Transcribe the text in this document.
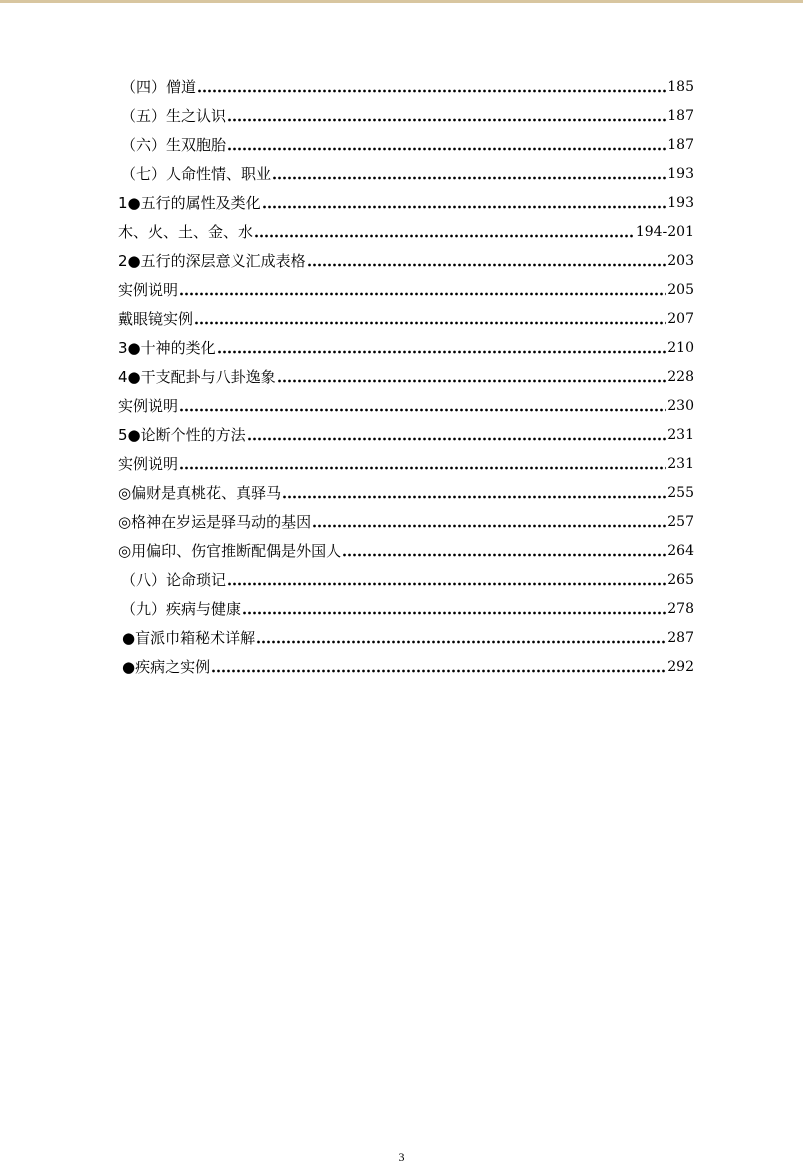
（四）僧道	185
（五）生之认识	187
（六）生双胞胎	187
（七）人命性情、职业	193
1●五行的属性及类化	193
木、火、土、金、水	194-201
2●五行的深层意义汇成表格	203
实例说明	205
戴眼镜实例	207
3●十神的类化	210
4●干支配卦与八卦逸象	228
实例说明	230
5●论断个性的方法	231
实例说明	231
◎偏财是真桃花、真驿马	255
◎格神在岁运是驿马动的基因	257
◎用偏印、伤官推断配偶是外国人	264
（八）论命琐记	265
（九）疾病与健康	278
●盲派巾箱秘术详解	287
●疾病之实例	292
3
